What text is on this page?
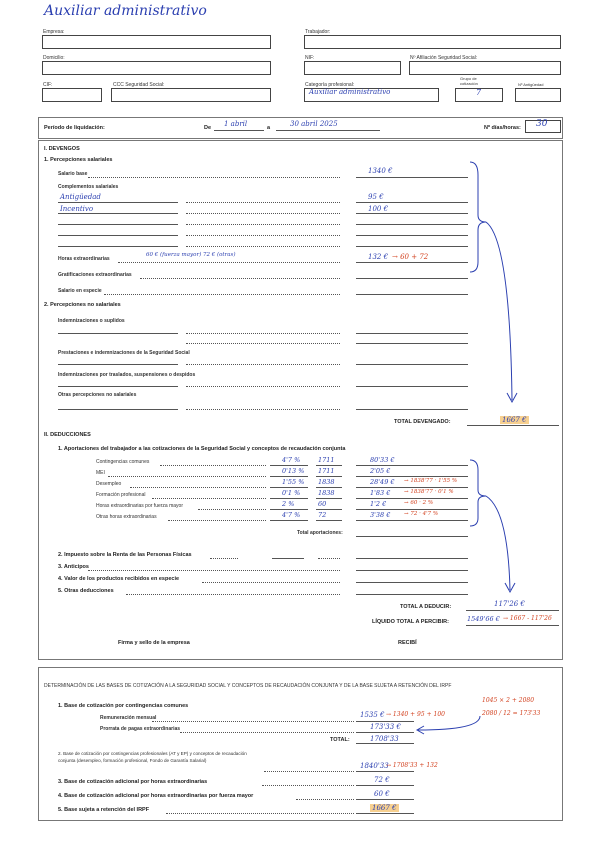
Auxiliar administrativo
Empresa:	Trabajador:
Domicilio:	NIF:	Nº Afiliación Seguridad Social:
CIF:	CCC Seguridad Social:	Categoría profesional:
Auxiliar administrativo
Grupo de cotización
7
Nº Antigüedad
Período de liquidación:	De 1 abril	a	30 abril 2025	Nº días/horas: 30
I. DEVENGOS
1. Percepciones salariales
Salario base	1340 €
Complementos salariales
Antigüedad	95 €
Incentivo	100 €
Horas extraordinarias
60 € (fuerza mayor) 72 € (otras)	132 € → 60 + 72
Gratificaciones extraordinarias
Salario en especie
2. Percepciones no salariales
Indemnizaciones o suplidos
Prestaciones e indemnizaciones de la Seguridad Social
Indemnizaciones por traslados, suspensiones o despidos
Otras percepciones no salariales
TOTAL DEVENGADO:	1667 €
II. DEDUCCIONES
1. Aportaciones del trabajador a las cotizaciones de la Seguridad Social y conceptos de recaudación conjunta
Contingencias comunes	4'7 %	1711	80'33 €
MEI	0'13 % 1711	2'05 €
Desempleo	1'55 % 1838	28'49 € → 1838'77 · 1'55 %
Formación profesional	0'1 %	1838	1'83 € → 1838'77 · 0'1 %
Horas extraordinarias por fuerza mayor	2 %	60	1'2 €	→ 60 · 2 %
Otras horas extraordinarias	4'7 %	72	3'38 € → 72 · 4'7 %
Total aportaciones:
2. Impuesto sobre la Renta de las Personas Físicas
3. Anticipos
4. Valor de los productos recibidos en especie
5. Otras deducciones
TOTAL A DEDUCIR:	117'26 €
LÍQUIDO TOTAL A PERCIBIR:	1549'66 € → 1667 - 117'26
Firma y sello de la empresa	RECIBÍ
DETERMINACIÓN DE LAS BASES DE COTIZACIÓN A LA SEGURIDAD SOCIAL Y CONCEPTOS DE RECAUDACIÓN CONJUNTA Y DE LA BASE SUJETA A RETENCIÓN DEL IRPF
1045 × 2 + 2080
2080 / 12 = 173'33
1. Base de cotización por contingencias comunes
Remuneración mensual	1535 € → 1340 + 95 + 100
Prorrata de pagas extraordinarias	173'33 €
TOTAL:	1708'33
2. Base de cotización por contingencias profesionales (AT y EP) y conceptos de recaudación conjunta (desempleo, formación profesional, Fondo de Garantía Salarial)
1840'33
→ 1708'33 + 132
3. Base de cotización adicional por horas extraordinarias	72 €
4. Base de cotización adicional por horas extraordinarias por fuerza mayor	60 €
5. Base sujeta a retención del IRPF	1667 €
